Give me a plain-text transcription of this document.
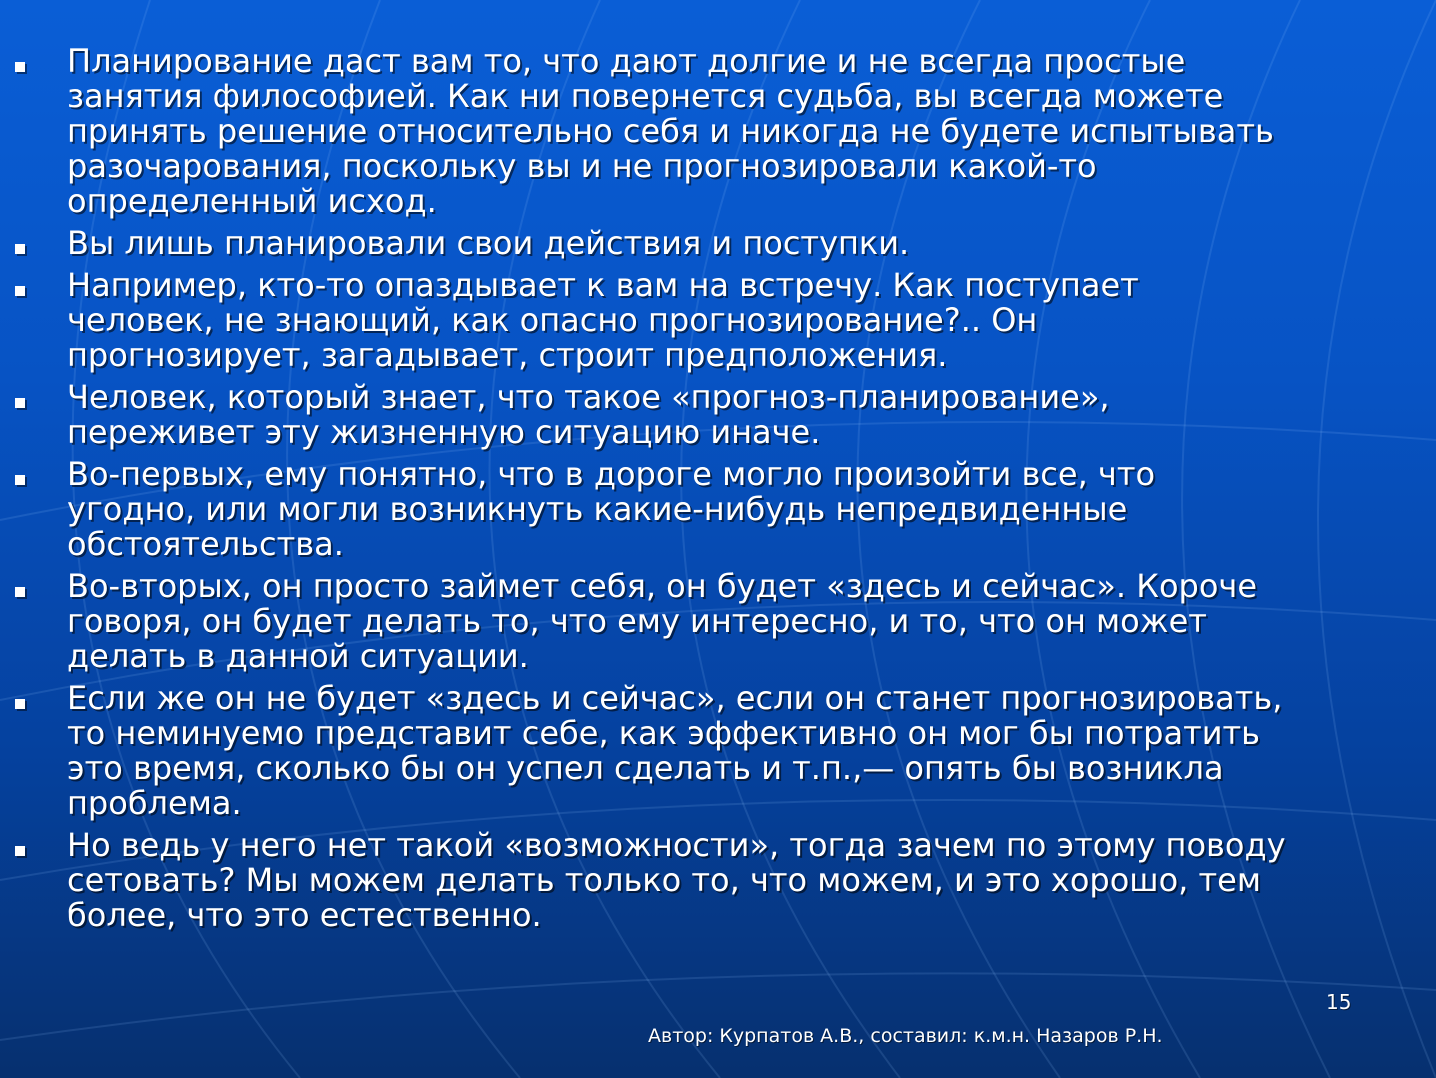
Планирование даст вам то, что дают долгие и не всегда простые
занятия философией. Как ни повернется судьба, вы всегда можете
принять решение относительно себя и никогда не будете испытывать
разочарования, поскольку вы и не прогнозировали какой-то
определенный исход.
Вы лишь планировали свои действия и поступки.
Например, кто-то опаздывает к вам на встречу. Как поступает
человек, не знающий, как опасно прогнозирование?.. Он
прогнозирует, загадывает, строит предположения.
Человек, который знает, что такое «прогноз-планирование»,
переживет эту жизненную ситуацию иначе.
Во-первых, ему понятно, что в дороге могло произойти все, что
угодно, или могли возникнуть какие-нибудь непредвиденные
обстоятельства.
Во-вторых, он просто займет себя, он будет «здесь и сейчас». Короче
говоря, он будет делать то, что ему интересно, и то, что он может
делать в данной ситуации.
Если же он не будет «здесь и сейчас», если он станет прогнозировать,
то неминуемо представит себе, как эффективно он мог бы потратить
это время, сколько бы он успел сделать и т.п.,— опять бы возникла
проблема.
Но ведь у него нет такой «возможности», тогда зачем по этому поводу
сетовать? Мы можем делать только то, что можем, и это хорошо, тем
более, что это естественно.
15
Автор: Курпатов А.В., составил: к.м.н. Назаров Р.Н.
